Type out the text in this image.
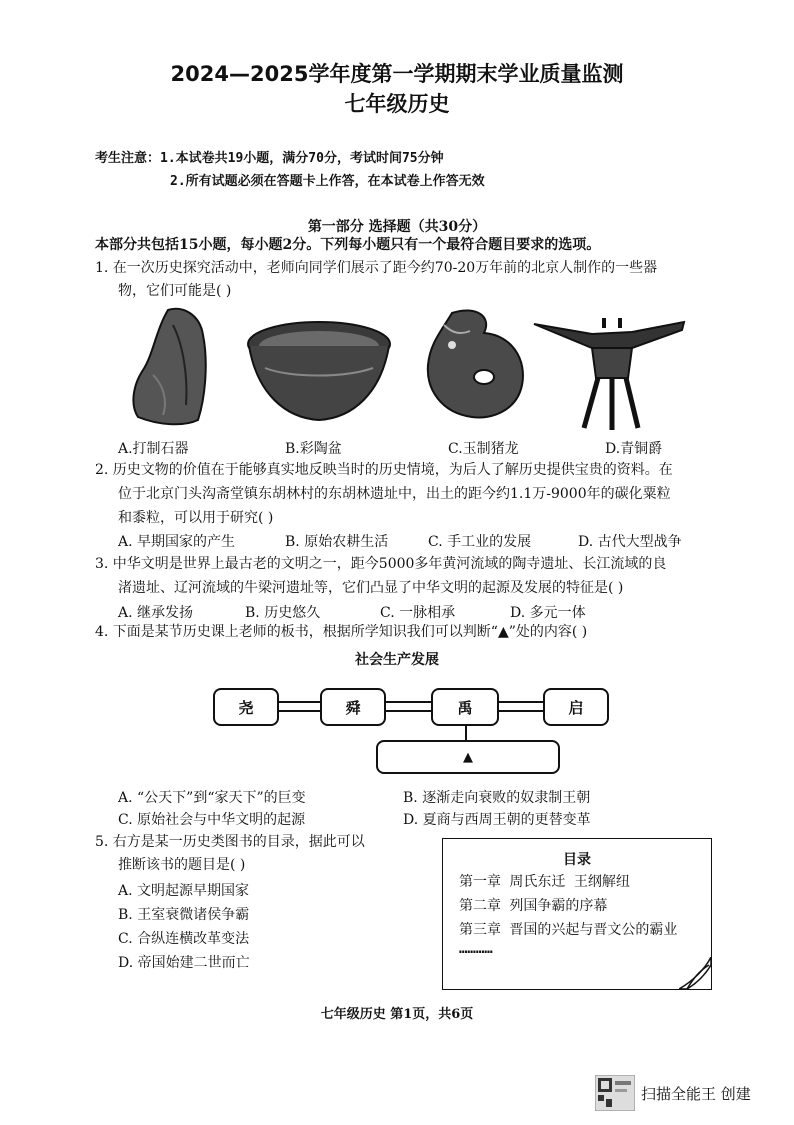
2024—2025学年度第一学期期末学业质量监测
七年级历史
考生注意：1.本试卷共19小题，满分70分，考试时间75分钟
2.所有试题必须在答题卡上作答，在本试卷上作答无效
第一部分 选择题（共30分）
本部分共包括15小题，每小题2分。下列每小题只有一个最符合题目要求的选项。
1. 在一次历史探究活动中，老师向同学们展示了距今约70-20万年前的北京人制作的一些器
物，它们可能是( )
A.打制石器	B.彩陶盆	C.玉制猪龙	D.青铜爵
2. 历史文物的价值在于能够真实地反映当时的历史情境，为后人了解历史提供宝贵的资料。在
位于北京门头沟斋堂镇东胡林村的东胡林遗址中，出土的距今约1.1万-9000年的碳化粟粒
和黍粒，可以用于研究( )
A. 早期国家的产生	B. 原始农耕生活	C. 手工业的发展	D. 古代大型战争
3. 中华文明是世界上最古老的文明之一，距今5000多年黄河流域的陶寺遗址、长江流域的良
渚遗址、辽河流域的牛梁河遗址等，它们凸显了中华文明的起源及发展的特征是( )
A. 继承发扬	B. 历史悠久	C. 一脉相承	D. 多元一体
4. 下面是某节历史课上老师的板书，根据所学知识我们可以判断“▲”处的内容( )
社会生产发展
尧	舜	禹	启
▲
A. “公天下”到“家天下”的巨变	B. 逐渐走向衰败的奴隶制王朝
C. 原始社会与中华文明的起源	D. 夏商与西周王朝的更替变革
5. 右方是某一历史类图书的目录，据此可以
推断该书的题目是( )
A. 文明起源早期国家
B. 王室衰微诸侯争霸
C. 合纵连横改革变法
D. 帝国始建二世而亡
目录
第一章 周氏东迁 王纲解纽
第二章 列国争霸的序幕
第三章 晋国的兴起与晋文公的霸业
…………
七年级历史 第1页，共6页
扫描全能王 创建
